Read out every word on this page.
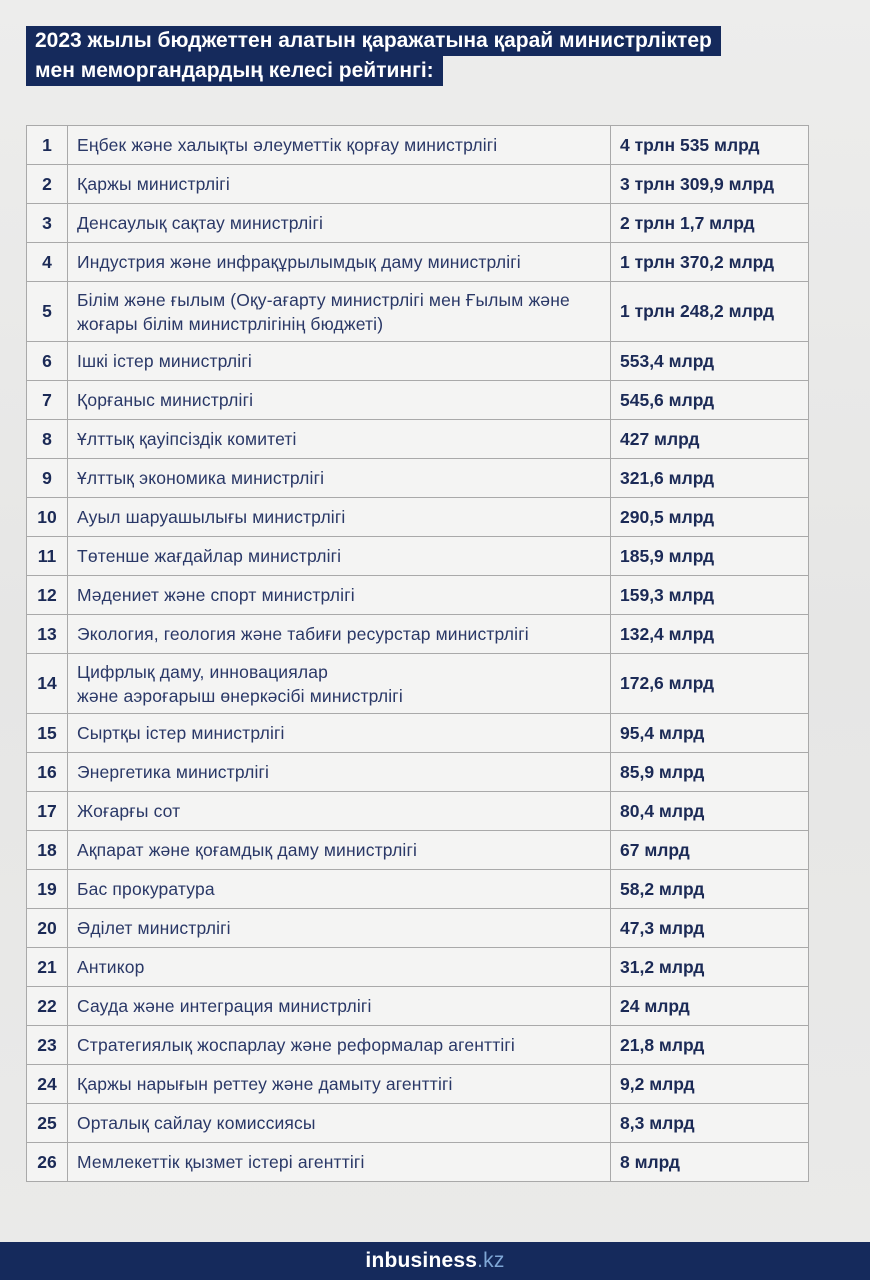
2023 жылы бюджеттен алатын қаражатына қарай министрліктер
мен меморгандардың келесі рейтингі:
1	Еңбек және халықты әлеуметтік қорғау министрлігі	4 трлн 535 млрд
2	Қаржы министрлігі	3 трлн 309,9 млрд
3	Денсаулық сақтау министрлігі	2 трлн 1,7 млрд
4	Индустрия және инфрақұрылымдық даму министрлігі	1 трлн 370,2 млрд
5	Білім және ғылым (Оқу-ағарту министрлігі мен Ғылым және жоғары білім министрлігінің бюджеті)	1 трлн 248,2 млрд
6	Ішкі істер министрлігі	553,4 млрд
7	Қорғаныс министрлігі	545,6 млрд
8	Ұлттық қауіпсіздік комитеті	427 млрд
9	Ұлттық экономика министрлігі	321,6 млрд
10	Ауыл шаруашылығы министрлігі	290,5 млрд
11	Төтенше жағдайлар министрлігі	185,9 млрд
12	Мәдениет және спорт министрлігі	159,3 млрд
13	Экология, геология және табиғи ресурстар министрлігі	132,4 млрд
14	Цифрлық даму, инновациялар
және аэроғарыш өнеркәсібі министрлігі	172,6 млрд
15	Сыртқы істер министрлігі	95,4 млрд
16	Энергетика министрлігі	85,9 млрд
17	Жоғарғы сот	80,4 млрд
18	Ақпарат және қоғамдық даму министрлігі	67 млрд
19	Бас прокуратура	58,2 млрд
20	Әділет министрлігі	47,3 млрд
21	Антикор	31,2 млрд
22	Сауда және интеграция министрлігі	24 млрд
23	Стратегиялық жоспарлау және реформалар агенттігі	21,8 млрд
24	Қаржы нарығын реттеу және дамыту агенттігі	9,2 млрд
25	Орталық сайлау комиссиясы	8,3 млрд
26	Мемлекеттік қызмет істері агенттігі	8 млрд
inbusiness.kz
